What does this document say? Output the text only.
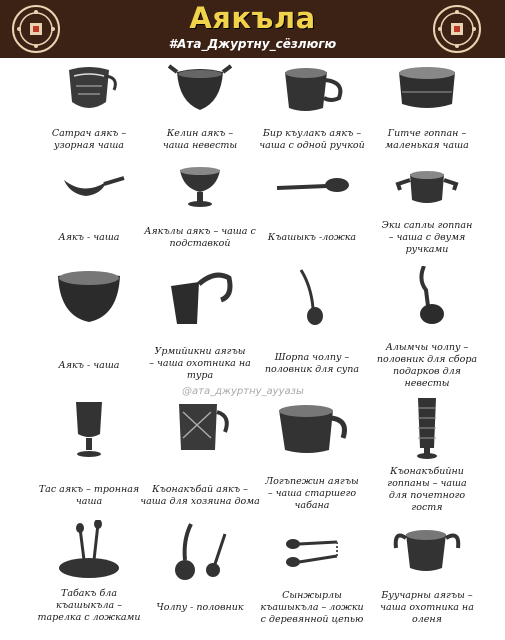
Аякъла
#Ата_Джуртну_сёзлюгю
Сатрач аякъ –
узорная чаша
Келин аякъ –
чаша невесты
Бир къулакъ аякъ –
чаша с одной ручкой
Гитче гоппан –
маленькая чаша
Аякъ - чаша
Аякълы аякъ – чаша с
подставкой
Къашыкъ -ложка
Эки саплы гоппан
– чаша с двумя
ручками
Аякъ - чаша
Урмийикни аягъы
– чаша охотника на
тура
Шорпа чолпу –
половник для супа
Алымчы чолпу –
половник для сбора
подарков для
невесты
@ата_джуртну_аууазы
Тас аякъ – тронная
чаша
Къонакъбай аякъ –
чаша для хозяина дома
Логъпежин аягъы
– чаша старшего
чабана
Къонакъбийни
гоппаны – чаша
для почетного
гостя
Табакъ бла
къашыкъла –
тарелка с ложками
Чолпу - половник
Сынжырлы
къашыкъла – ложки
с деревянной цепью
Буучарны аягъы –
чаша охотника на
оленя
